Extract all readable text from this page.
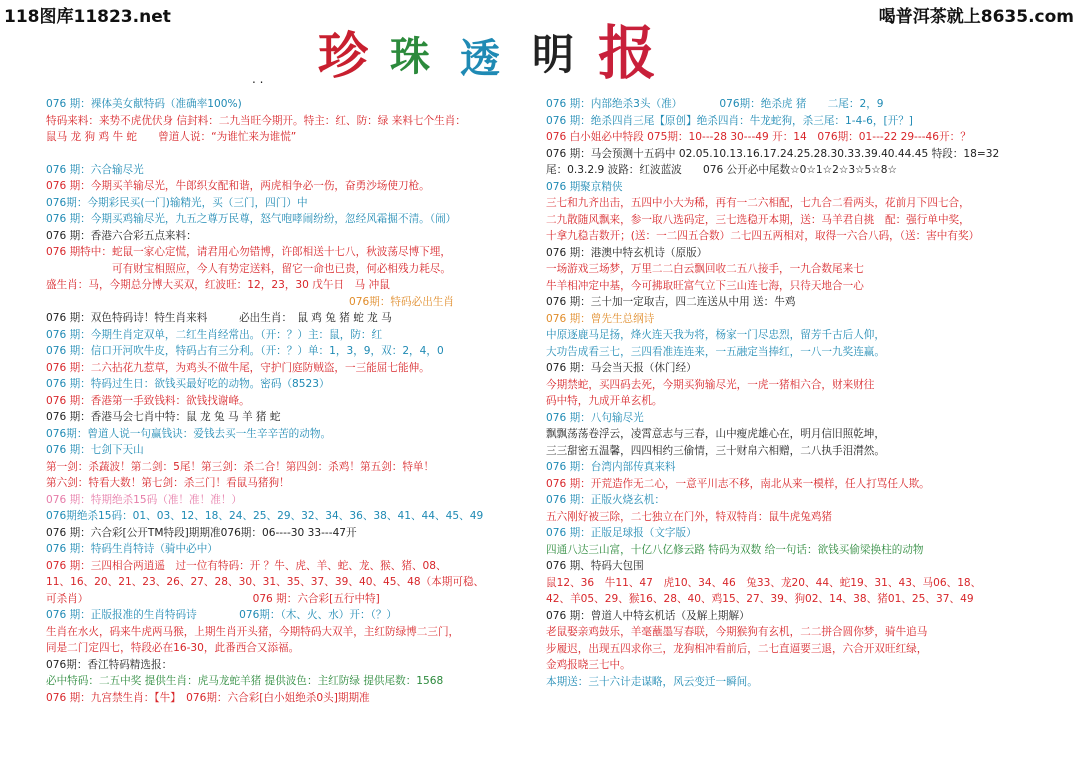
118图库11823.net	喝普洱茶就上8635.com
珍 珠 透 明 报
. .
076 期：裸体美女献特码（准确率100%)
特码来料：来势不虎优伏身 信封料：二九当旺今期开。特主：红、防：绿 来料七个生肖：
鼠马 龙 狗 鸡 牛 蛇　　曾道人说：“为谁忙来为谁慌”
076 期：六合输尽光
076 期：今期买羊输尽光，牛郎织女配和谐，两虎相争必一伤，奋勇沙场使刀枪。
076期：今期彩民买(一门)输精光，买（三门，四门）中
076 期：今期买鸡输尽光，九五之尊万民尊，怒气咆哮闹纷纷，忽经风霜掘不清。（闹）
076 期：香港六合彩五点来料：
076 期特中：蛇鼠一家心定慌，请君用心勿错博，许郎相送十七八，秋波荡尽博下埋，
可有财宝相照应，今人有势定送料，留它一命也已贵，何必相残力耗尽。
盛生肖：马，今期总分博大买双，红波旺：12，23，30 戊午日　马 冲鼠
076期：特码必出生肖
076 期：双色特码诗！特生肖来料　　　必出生肖：　鼠 鸡 兔 猪 蛇 龙 马
076 期：今期生肖定双单，二红生肖经常出。（开：？）主：鼠，防：红
076 期：信口开河吹牛皮，特码占有三分利。（开：？）单：1，3，9，双：2，4，0
076 期：二六拈花九惹草，为鸡头不做牛尾，守护门庭防贼盗，一三能屈七能伸。
076 期：特码过生日：欲钱买最好吃的动物。密码（8523）
076 期：香港第一手致钱料：欲钱找谢峰。
076 期：香港马会七肖中特：鼠 龙 兔 马 羊 猪 蛇
076期：曾道人说一句赢钱诀：爱钱去买一生辛辛苦的动物。
076 期：七剑下天山
第一剑：杀蔬波！第二剑：5尾！第三剑：杀二合！第四剑：杀鸡！第五剑：特单！
第六剑：特看大数！第七剑：杀三门！看鼠马猪狗！
076 期：特期绝杀15码（准！准！准！）
076期绝杀15码：01、03、12、18、24、25、29、32、34、36、38、41、44、45、49
076 期：六合彩[公开TM特段]期期准076期：06----30 33---47开
076 期：特码生肖特诗（骑中必中）
076 期：三四相合两逍遥　过一位有特码：开 ？牛、虎、羊、蛇、龙、猴、猪、08、
11、16、20、21、23、26、27、28、30、31、35、37、39、40、45、48（本期可稳、
可杀肖）　　　　　　　　　　　　　　　　076 期：六合彩[五行中特]
076 期：正版报准的生肖特码诗　　　　076期：（木、火、水）开：（？）
生肖在水火，码来牛虎两马猴，上期生肖开头猪，今期特码大双羊，主红防绿博二三门，
同是二门定四七，特段必在16-30，此番西合又添福。
076期：香江特码精选报：
必中特码：二五中奖 提供生肖：虎马龙蛇羊猪 提供波色：主红防绿 提供尾数：1568
076 期：九宫禁生肖：【牛】　076期：六合彩[白小姐绝杀0头]期期准
076 期：内部绝杀3头（准）　　　　076期：绝杀虎 猪　　二尾：2，9
076 期：绝杀四肖三尾【原创】绝杀四肖：牛龙蛇狗，杀三尾：1-4-6，[开？]
076 白小姐必中特段 075期：10---28 30---49 开：14　076期：01---22 29---46开：？
076 期：马会预测十五码中 02.05.10.13.16.17.24.25.28.30.33.39.40.44.45 特段：18=32
尾：0.3.2.9 波路：红波蓝波　　076 公开必中尾数☆0☆1☆2☆3☆5☆8☆
076 期聚京精侠
三七和九齐出击，五四中小大为稀，再有一二六相配，七九合二看两头，花前月下四七合，
二九散随风飘来，参一取八选码定，三七选稳开本期，送：马羊君自挑　配：强行单中奖，
十拿九稳吉数开；(送：一二四五合数）二七四五两相对，取得一六合八码，（送：害中有奖）
076 期：港澳中特玄机诗（原版）
一场游戏三场梦，万里二二白云飘回收二五八接手，一九合数尾来七
牛羊相冲定中基，今可拂取旺富气立下三山连七海，只待天地合一心
076 期：三十加一定取吉，四二连送从中用 送：牛鸡
076 期：曾先生总纲诗
中原逐鹿马足扬，烽火连天我为将，杨家一门尽忠烈，留芳千古后人仰，
大功告成看三七，三四看准连连来，一五融定当捧红，一八一九奖连赢。
076 期：马会当天报（休门经）
今期禁蛇，买四码去死，今期买狗输尽光，一虎一猪相六合，财来财往
码中特，九成开单玄机。
076 期：八句输尽光
飘飘荡荡卷浮云，凌霄意志与三春，山中瘦虎雄心在，明月信旧照乾坤，
三三甜密五温馨，四四相约三偷情，三十财帛六相赠，二八执手泪潸然。
076 期：台湾内部传真来料
076 期：开荒造作无二心，一意平川志不移，南北从来一模样，任人打骂任人欺。
076 期：正版火烧玄机：
五六刚好被三除，二七独立在门外，特双特肖：鼠牛虎兔鸡猪
076 期：正版足球报（文字版）
四通八达三山富，十亿八亿修云路 特码为双数 给一句话：欲钱买偷梁换柱的动物
076 期、特码大包围
鼠12、36　牛11、47　虎10、34、46　兔33、龙20、44、蛇19、31、43、马06、18、
42、羊05、29、猴16、28、40、鸡15、27、39、狗02、14、38、猪01、25、37、49
076 期：曾道人中特玄机话（及解上期解）
老鼠娶亲鸡鼓乐，羊毫蘸墨写春联，今期猴狗有玄机，二二拼合圆你梦，骑牛追马
步履迟，出现五四求你三，龙狗相冲看前后，二七直逼要三退，六合开双旺红绿，
金鸡报晓三七中。
本期送：三十六计走谋略，风云变迁一瞬间。
